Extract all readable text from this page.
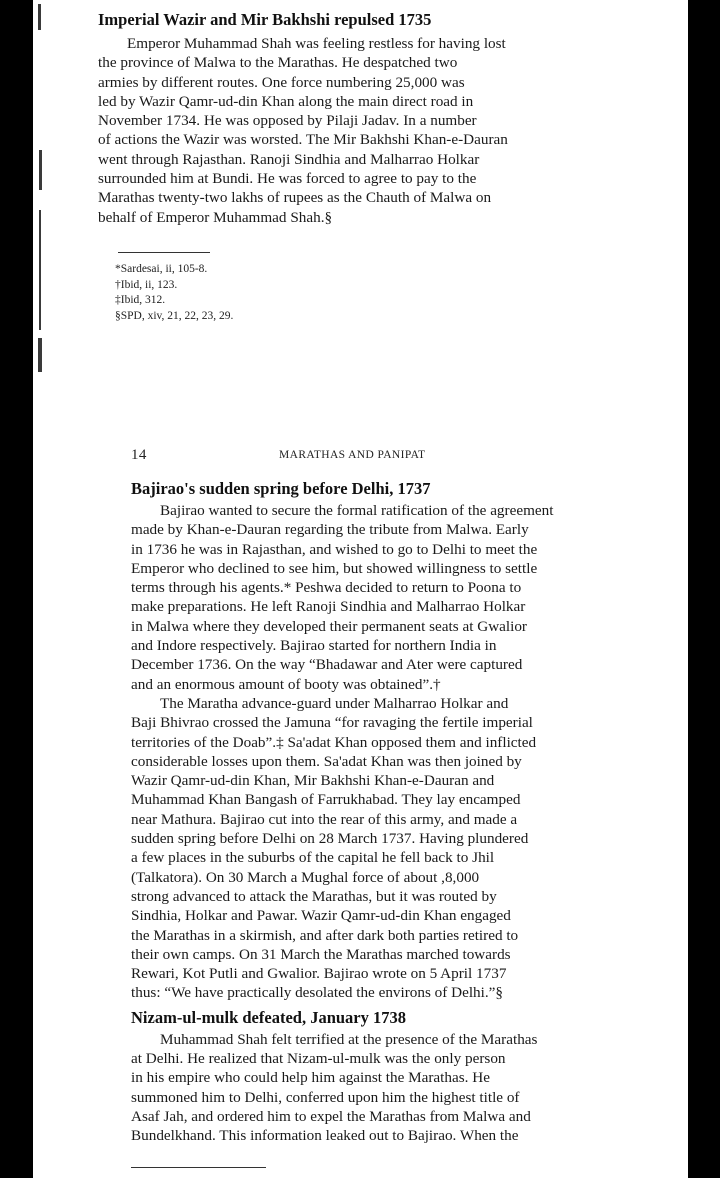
Imperial Wazir and Mir Bakhshi repulsed 1735
Emperor Muhammad Shah was feeling restless for having lost
the province of Malwa to the Marathas. He despatched two
armies by different routes. One force numbering 25,000 was
led by Wazir Qamr-ud-din Khan along the main direct road in
November 1734. He was opposed by Pilaji Jadav. In a number
of actions the Wazir was worsted. The Mir Bakhshi Khan-e-Dauran
went through Rajasthan. Ranoji Sindhia and Malharrao Holkar
surrounded him at Bundi. He was forced to agree to pay to the
Marathas twenty-two lakhs of rupees as the Chauth of Malwa on
behalf of Emperor Muhammad Shah.§
*Sardesai, ii, 105-8.
†Ibid, ii, 123.
‡Ibid, 312.
§SPD, xiv, 21, 22, 23, 29.
14	MARATHAS AND PANIPAT
Bajirao's sudden spring before Delhi, 1737
Bajirao wanted to secure the formal ratification of the agreement
made by Khan-e-Dauran regarding the tribute from Malwa. Early
in 1736 he was in Rajasthan, and wished to go to Delhi to meet the
Emperor who declined to see him, but showed willingness to settle
terms through his agents.* Peshwa decided to return to Poona to
make preparations. He left Ranoji Sindhia and Malharrao Holkar
in Malwa where they developed their permanent seats at Gwalior
and Indore respectively. Bajirao started for northern India in
December 1736. On the way “Bhadawar and Ater were captured
and an enormous amount of booty was obtained”.†
The Maratha advance-guard under Malharrao Holkar and
Baji Bhivrao crossed the Jamuna “for ravaging the fertile imperial
territories of the Doab”.‡ Sa'adat Khan opposed them and inflicted
considerable losses upon them. Sa'adat Khan was then joined by
Wazir Qamr-ud-din Khan, Mir Bakhshi Khan-e-Dauran and
Muhammad Khan Bangash of Farrukhabad. They lay encamped
near Mathura. Bajirao cut into the rear of this army, and made a
sudden spring before Delhi on 28 March 1737. Having plundered
a few places in the suburbs of the capital he fell back to Jhil
(Talkatora). On 30 March a Mughal force of about ,8,000
strong advanced to attack the Marathas, but it was routed by
Sindhia, Holkar and Pawar. Wazir Qamr-ud-din Khan engaged
the Marathas in a skirmish, and after dark both parties retired to
their own camps. On 31 March the Marathas marched towards
Rewari, Kot Putli and Gwalior. Bajirao wrote on 5 April 1737
thus: “We have practically desolated the environs of Delhi.”§
Nizam-ul-mulk defeated, January 1738
Muhammad Shah felt terrified at the presence of the Marathas
at Delhi. He realized that Nizam-ul-mulk was the only person
in his empire who could help him against the Marathas. He
summoned him to Delhi, conferred upon him the highest title of
Asaf Jah, and ordered him to expel the Marathas from Malwa and
Bundelkhand. This information leaked out to Bajirao. When the
